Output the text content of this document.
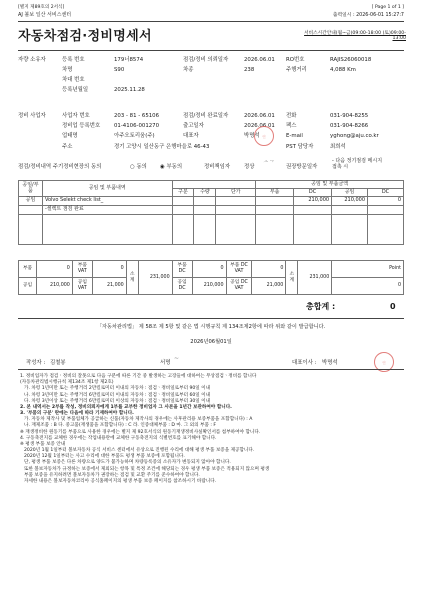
[별지 제89호의 2서식]	[ Page 1 of 1 ]
AJ 볼보 일산 서비스센터	출력일시 : 2026-06-01 15:27:7
자동차점검·정비명세서	서비스시간안내(월~금)09:00-18:00 (토)09:00-
13:00
자량 소유자	등록 번호	179너8574
차명	S90
차대 번호
등록년월일	2025.11.28
점검/정비 의뢰일자	2026.06.01 RO번호	RAJIS26060018
차종	238	주행거리	4,088 Km
정비 사업자	사업자 번호	203 - 81 - 65106
정비업 등록번호	01-4106-001270
업태명	아주오토리움(주)
주소	경기 고양시 일산동구 은행마을로 46-43
점검/정비 완료일자	2026.06.01
출고일자	2026.06.01
대표자	박명석 인
PST 담당자	최희석
전화	031-904-8255
팩스	031-904-8266
E-mail	yghong@aju.co.kr
점검/정비내역 주기정비현장의 동의	○ 동의 ◉ 부동의	정비책임자	정상 ᄉᄀ 권장방문일자
- 다음 정기점검 메시지
접촉 시
공임/부품	공임 및 부품내역				공임 및 부품금액			
		구분	수량	단가	부품	DC	공임	DC
공임	Volvo Selekt check list_					210,000	210,000	0
	-셀렉트 점검 완료							

부품	0	부품 VAT	0	소계	231,000	부품 DC	0	부품 DC VAT	0	소계	231,000	Point
공임	210,000	공임 VAT	21,000			공임 DC	210,000	공임 DC VAT	21,000			0
총합계 :	0
「자동차관리법」 제 58조 제 5항 및 같은 법 시행규칙 제 134조제2항에 따라 위와 같이 발급합니다.
2026년06월01일
작성자 : 김철봉	서명
~
대표이사 : 박명석	인
1. 정비업자가 점검ㆍ정비의 잘못으로 다음 구분에 따른 기간 중 발생하는 고장들에 대하여는 무상점검ㆍ정비를 합니다
(자동차관리법시행규칙 제134조 제1항 제2호)
가. 차령 1년미만 또는 주행거리 2만킬로미터 이내의 자동차 : 점검ㆍ정비일로부터 90일 이내
나. 차령 3년미만 또는 주행거리 6만킬로미터 이내의 자동차 : 점검ㆍ정비일로부터 60일 이내
다. 차령 3년이상 또는 주행거리 6만킬로미터 이상의 자동차 : 점검ㆍ정비일로부터 30일 이내
2. 본 내역서는 2부를 작성, 정비의뢰자에게 1부를 교부한 정비업자 그 사본을 1년간 보관하여야 합니다.
3. '부품의 구분' 란에는 다음에 따라 기재하여야 합니다.
가. 자동차 제작사 및 부품업체가 공급하는 신품(자동차 제작사의 경우에는 사후관리용 보증부품을 포함합니다) : A
나. 재제조품 : B 다. 중고품(재생품을 포함합니다) : C 라. 인증대체부품 : D 마. 그 외의 부품 : F
※ 재생정비한 원동기를 부품으로 사용한 경우에는 별지 제 92호서식의 원동기재생정비사실확인서를 첨부하여야 합니다.
4. 구동축전지를 교체한 경우에는 작업내용란에 교체한 구동축전지의 식별번호를 표기해야 합니다.
※ 평생 부품 보증 안내
2020년 1월 1일부터 볼보자동차 공식 서비스 센터에서 유상으로 진행된 수리에 대해 평생 부품 보증을 제공합니다.
2020년 12월 1일부터는 사고 수리에 대한 부품도 평생 부품 보증에 포함됩니다.
단, 평생 부품 보증은 다른 차량으로 양도가 불가능하며 차량등록증의 소유자가 변동되지 않아야 합니다.
또한 볼보자동차가 규정하는 보증에서 제외되는 항목 및 특정 조건에 해당되는 경우 평생 부품 보증은 적용되지 않으며 평생
부품 보증을 유지하려면 볼보자동차가 권장하는 점검 및 교환 주기를 준수하여야 합니다.
자세한 내용은 볼보자동차코리아 공식홈페이지의 평생 부품 보증 페이지를 참조하시기 바랍니다.
